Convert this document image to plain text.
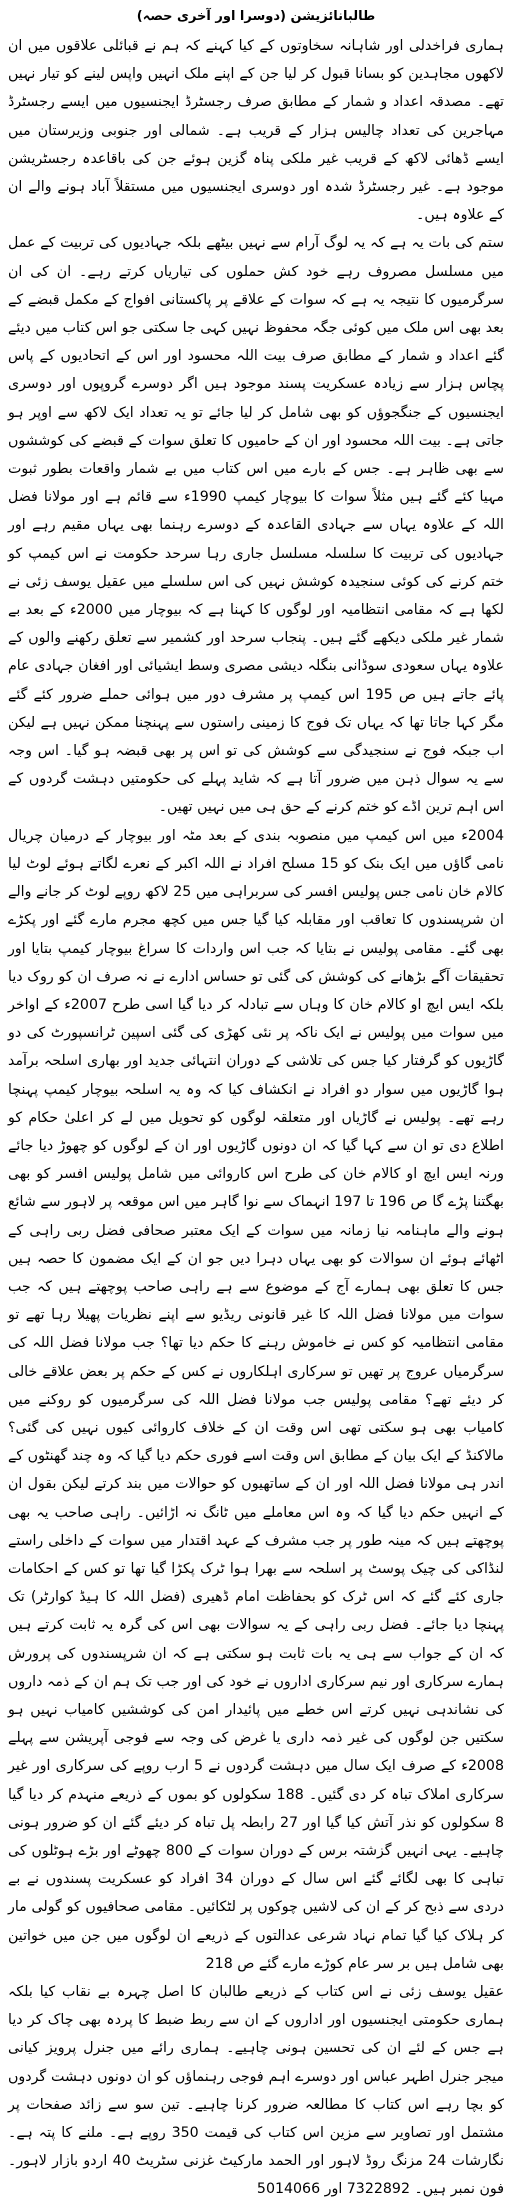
طالبانائزیشن (دوسرا اور آخری حصہ)

ہماری فراخدلی اور شاہانہ سخاوتوں کے کیا کہنے کہ ہم نے قبائلی علاقوں میں ان لاکھوں مجاہدین کو بسانا قبول کر لیا جن کے اپنے ملک انہیں واپس لینے کو تیار نہیں تھے۔ مصدقہ اعداد و شمار کے مطابق صرف رجسٹرڈ ایجنسیوں میں ایسے رجسٹرڈ مہاجرین کی تعداد چالیس ہزار کے قریب ہے۔ شمالی اور جنوبی وزیرستان میں ایسے ڈھائی لاکھ کے قریب غیر ملکی پناہ گزین ہوئے جن کی باقاعدہ رجسٹریشن موجود ہے۔ غیر رجسٹرڈ شدہ اور دوسری ایجنسیوں میں مستقلاً آباد ہونے والے ان کے علاوہ ہیں۔

ستم کی بات یہ ہے کہ یہ لوگ آرام سے نہیں بیٹھے بلکہ جہادیوں کی تربیت کے عمل میں مسلسل مصروف رہے خود کش حملوں کی تیاریاں کرتے رہے۔ ان کی ان سرگرمیوں کا نتیجہ یہ ہے کہ سوات کے علاقے پر پاکستانی افواج کے مکمل قبضے کے بعد بھی اس ملک میں کوئی جگہ محفوظ نہیں کہی جا سکتی جو اس کتاب میں دیئے گئے اعداد و شمار کے مطابق صرف بیت اللہ محسود اور اس کے اتحادیوں کے پاس پچاس ہزار سے زیادہ عسکریت پسند موجود ہیں اگر دوسرے گروپوں اور دوسری ایجنسیوں کے جنگجوؤں کو بھی شامل کر لیا جائے تو یہ تعداد ایک لاکھ سے اوپر ہو جاتی ہے۔ بیت اللہ محسود اور ان کے حامیوں کا تعلق سوات کے قبضے کی کوششوں سے بھی ظاہر ہے۔ جس کے بارے میں اس کتاب میں بے شمار واقعات بطور ثبوت مہیا کئے گئے ہیں مثلاً سوات کا بیوچار کیمپ 1990ء سے قائم ہے اور مولانا فضل اللہ کے علاوہ یہاں سے جہادی القاعدہ کے دوسرے رہنما بھی یہاں مقیم رہے اور جہادیوں کی تربیت کا سلسلہ مسلسل جاری رہا سرحد حکومت نے اس کیمپ کو ختم کرنے کی کوئی سنجیدہ کوشش نہیں کی اس سلسلے میں عقیل یوسف زئی نے لکھا ہے کہ مقامی انتظامیہ اور لوگوں کا کہنا ہے کہ بیوچار میں 2000ء کے بعد بے شمار غیر ملکی دیکھے گئے ہیں۔ پنجاب سرحد اور کشمیر سے تعلق رکھنے والوں کے علاوہ یہاں سعودی سوڈانی بنگلہ دیشی مصری وسط ایشیائی اور افغان جہادی عام پائے جاتے ہیں ص 195 اس کیمپ پر مشرف دور میں ہوائی حملے ضرور کئے گئے مگر کہا جاتا تھا کہ یہاں تک فوج کا زمینی راستوں سے پہنچنا ممکن نہیں ہے لیکن اب جبکہ فوج نے سنجیدگی سے کوشش کی تو اس پر بھی قبضہ ہو گیا۔ اس وجہ سے یہ سوال ذہن میں ضرور آتا ہے کہ شاید پہلے کی حکومتیں دہشت گردوں کے اس اہم ترین اڈے کو ختم کرنے کے حق ہی میں نہیں تھیں۔

2004ء میں اس کیمپ میں منصوبہ بندی کے بعد مٹہ اور بیوچار کے درمیان چریال نامی گاؤں میں ایک بنک کو 15 مسلح افراد نے اللہ اکبر کے نعرے لگاتے ہوئے لوٹ لیا کالام خان نامی جس پولیس افسر کی سربراہی میں 25 لاکھ روپے لوٹ کر جانے والے ان شرپسندوں کا تعاقب اور مقابلہ کیا گیا جس میں کچھ مجرم مارے گئے اور پکڑے بھی گئے۔ مقامی پولیس نے بتایا کہ جب اس واردات کا سراغ بیوچار کیمپ بتایا اور تحقیقات آگے بڑھانے کی کوشش کی گئی تو حساس ادارے نے نہ صرف ان کو روک دیا بلکہ ایس ایچ او کالام خان کا وہاں سے تبادلہ کر دیا گیا اسی طرح 2007ء کے اواخر میں سوات میں پولیس نے ایک ناکہ پر نئی کھڑی کی گئی اسپین ٹرانسپورٹ کی دو گاڑیوں کو گرفتار کیا جس کی تلاشی کے دوران انتہائی جدید اور بھاری اسلحہ برآمد ہوا گاڑیوں میں سوار دو افراد نے انکشاف کیا کہ وہ یہ اسلحہ بیوچار کیمپ پہنچا رہے تھے۔ پولیس نے گاڑیاں اور متعلقہ لوگوں کو تحویل میں لے کر اعلیٰ حکام کو اطلاع دی تو ان سے کہا گیا کہ ان دونوں گاڑیوں اور ان کے لوگوں کو چھوڑ دیا جائے ورنہ ایس ایچ او کالام خان کی طرح اس کاروائی میں شامل پولیس افسر کو بھی بھگتنا پڑے گا ص 196 تا 197 انہماک سے نوا گاہر میں اس موقعہ پر لاہور سے شائع ہونے والے ماہنامہ نیا زمانہ میں سوات کے ایک معتبر صحافی فضل ربی راہی کے اٹھائے ہوئے ان سوالات کو بھی یہاں دہرا دیں جو ان کے ایک مضمون کا حصہ ہیں جس کا تعلق بھی ہمارے آج کے موضوع سے ہے راہی صاحب پوچھتے ہیں کہ جب سوات میں مولانا فضل اللہ کا غیر قانونی ریڈیو سے اپنے نظریات پھیلا رہا تھے تو مقامی انتظامیہ کو کس نے خاموش رہنے کا حکم دیا تھا؟ جب مولانا فضل اللہ کی سرگرمیاں عروج پر تھیں تو سرکاری اہلکاروں نے کس کے حکم پر بعض علاقے خالی کر دیئے تھے؟ مقامی پولیس جب مولانا فضل اللہ کی سرگرمیوں کو روکنے میں کامیاب بھی ہو سکتی تھی اس وقت ان کے خلاف کاروائی کیوں نہیں کی گئی؟ مالاکنڈ کے ایک بیان کے مطابق اس وقت اسے فوری حکم دیا گیا کہ وہ چند گھنٹوں کے اندر ہی مولانا فضل اللہ اور ان کے ساتھیوں کو حوالات میں بند کرتے لیکن بقول ان کے انہیں حکم دیا گیا کہ وہ اس معاملے میں ٹانگ نہ اڑائیں۔ راہی صاحب یہ بھی پوچھتے ہیں کہ مینہ طور پر جب مشرف کے عہد اقتدار میں سوات کے داخلی راستے لنڈاکی کی چیک پوسٹ پر اسلحہ سے بھرا ہوا ٹرک پکڑا گیا تھا تو کس کے احکامات جاری کئے گئے کہ اس ٹرک کو بحفاظت امام ڈھیری (فضل اللہ کا ہیڈ کوارٹر) تک پہنچا دیا جائے۔ فضل ربی راہی کے یہ سوالات بھی اس کی گرہ یہ ثابت کرتے ہیں کہ ان کے جواب سے ہی یہ بات ثابت ہو سکتی ہے کہ ان شرپسندوں کی پرورش ہمارے سرکاری اور نیم سرکاری اداروں نے خود کی اور جب تک ہم ان کے ذمہ داروں کی نشاندہی نہیں کرتے اس خطے میں پائیدار امن کی کوششیں کامیاب نہیں ہو سکتیں جن لوگوں کی غیر ذمہ داری یا غرض کی وجہ سے فوجی آپریشن سے پہلے 2008ء کے صرف ایک سال میں دہشت گردوں نے 5 ارب روپے کی سرکاری اور غیر سرکاری املاک تباہ کر دی گئیں۔ 188 سکولوں کو بموں کے ذریعے منہدم کر دیا گیا 8 سکولوں کو نذر آتش کیا گیا اور 27 رابطہ پل تباہ کر دیئے گئے ان کو ضرور ہونی چاہیے۔ یہی انہیں گزشتہ برس کے دوران سوات کے 800 چھوٹے اور بڑے ہوٹلوں کی تباہی کا بھی لگائے گئے اس سال کے دوران 34 افراد کو عسکریت پسندوں نے بے دردی سے ذبح کر کے ان کی لاشیں چوکوں پر لٹکائیں۔ مقامی صحافیوں کو گولی مار کر ہلاک کیا گیا تمام نہاد شرعی عدالتوں کے ذریعے ان لوگوں میں جن میں خواتین بھی شامل ہیں بر سر عام کوڑے مارے گئے ص 218

عقیل یوسف زئی نے اس کتاب کے ذریعے طالبان کا اصل چہرہ بے نقاب کیا بلکہ ہماری حکومتی ایجنسیوں اور اداروں کے ان سے ربط ضبط کا پردہ بھی چاک کر دیا ہے جس کے لئے ان کی تحسین ہونی چاہیے۔ ہماری رائے میں جنرل پرویز کیانی میجر جنرل اطہر عباس اور دوسرے اہم فوجی رہنماؤں کو ان دونوں دہشت گردوں کو بچا رہے اس کتاب کا مطالعہ ضرور کرنا چاہیے۔ تین سو سے زائد صفحات پر مشتمل اور تصاویر سے مزین اس کتاب کی قیمت 350 روپے ہے۔ ملنے کا پتہ ہے۔ نگارشات 24 مزنگ روڈ لاہور اور الحمد مارکیٹ غزنی سٹریٹ 40 اردو بازار لاہور۔ فون نمبر ہیں۔ 7322892 اور 5014066
